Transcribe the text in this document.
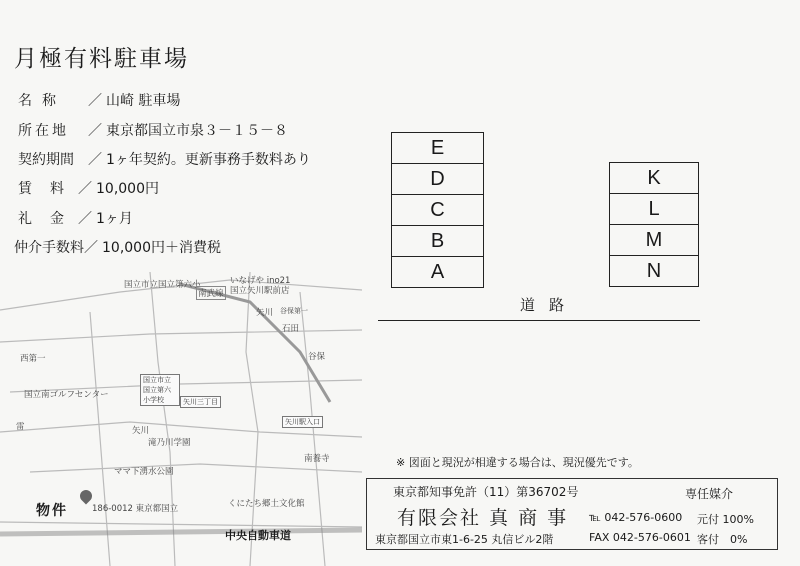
月極有料駐車場
名称 ／ 山崎 駐車場
所在地 ／ 東京都国立市泉３－１５－８
契約期間 ／ 1ヶ年契約。更新事務手数料あり
賃料／ 10,000円
礼金／ 1ヶ月
仲介手数料／ 10,000円＋消費税
E
D
C
B
A
K
L
M
N
道路
※ 図面と現況が相違する場合は、現況優先です。
国立市立国立第六小
南武線
いなげや ino21 国立矢川駅前店
矢川
石田
西第一
国立南ゴルフセンター
国立市立国立第六小学校	矢川三丁目
谷保
矢川駅入口
矢川
滝乃川学園
雷
ママ下湧水公園
くにたち郷土文化館
南養寺
谷保第一
186-0012 東京都国立
物件
中央自動車道
東京都知事免許（11）第36702号
有限会社 真 商 事
東京都国立市東1-6-25 丸信ビル2階
専任媒介
℡ 042-576-0600
FAX 042-576-0601
元付 100%
客付　0%
